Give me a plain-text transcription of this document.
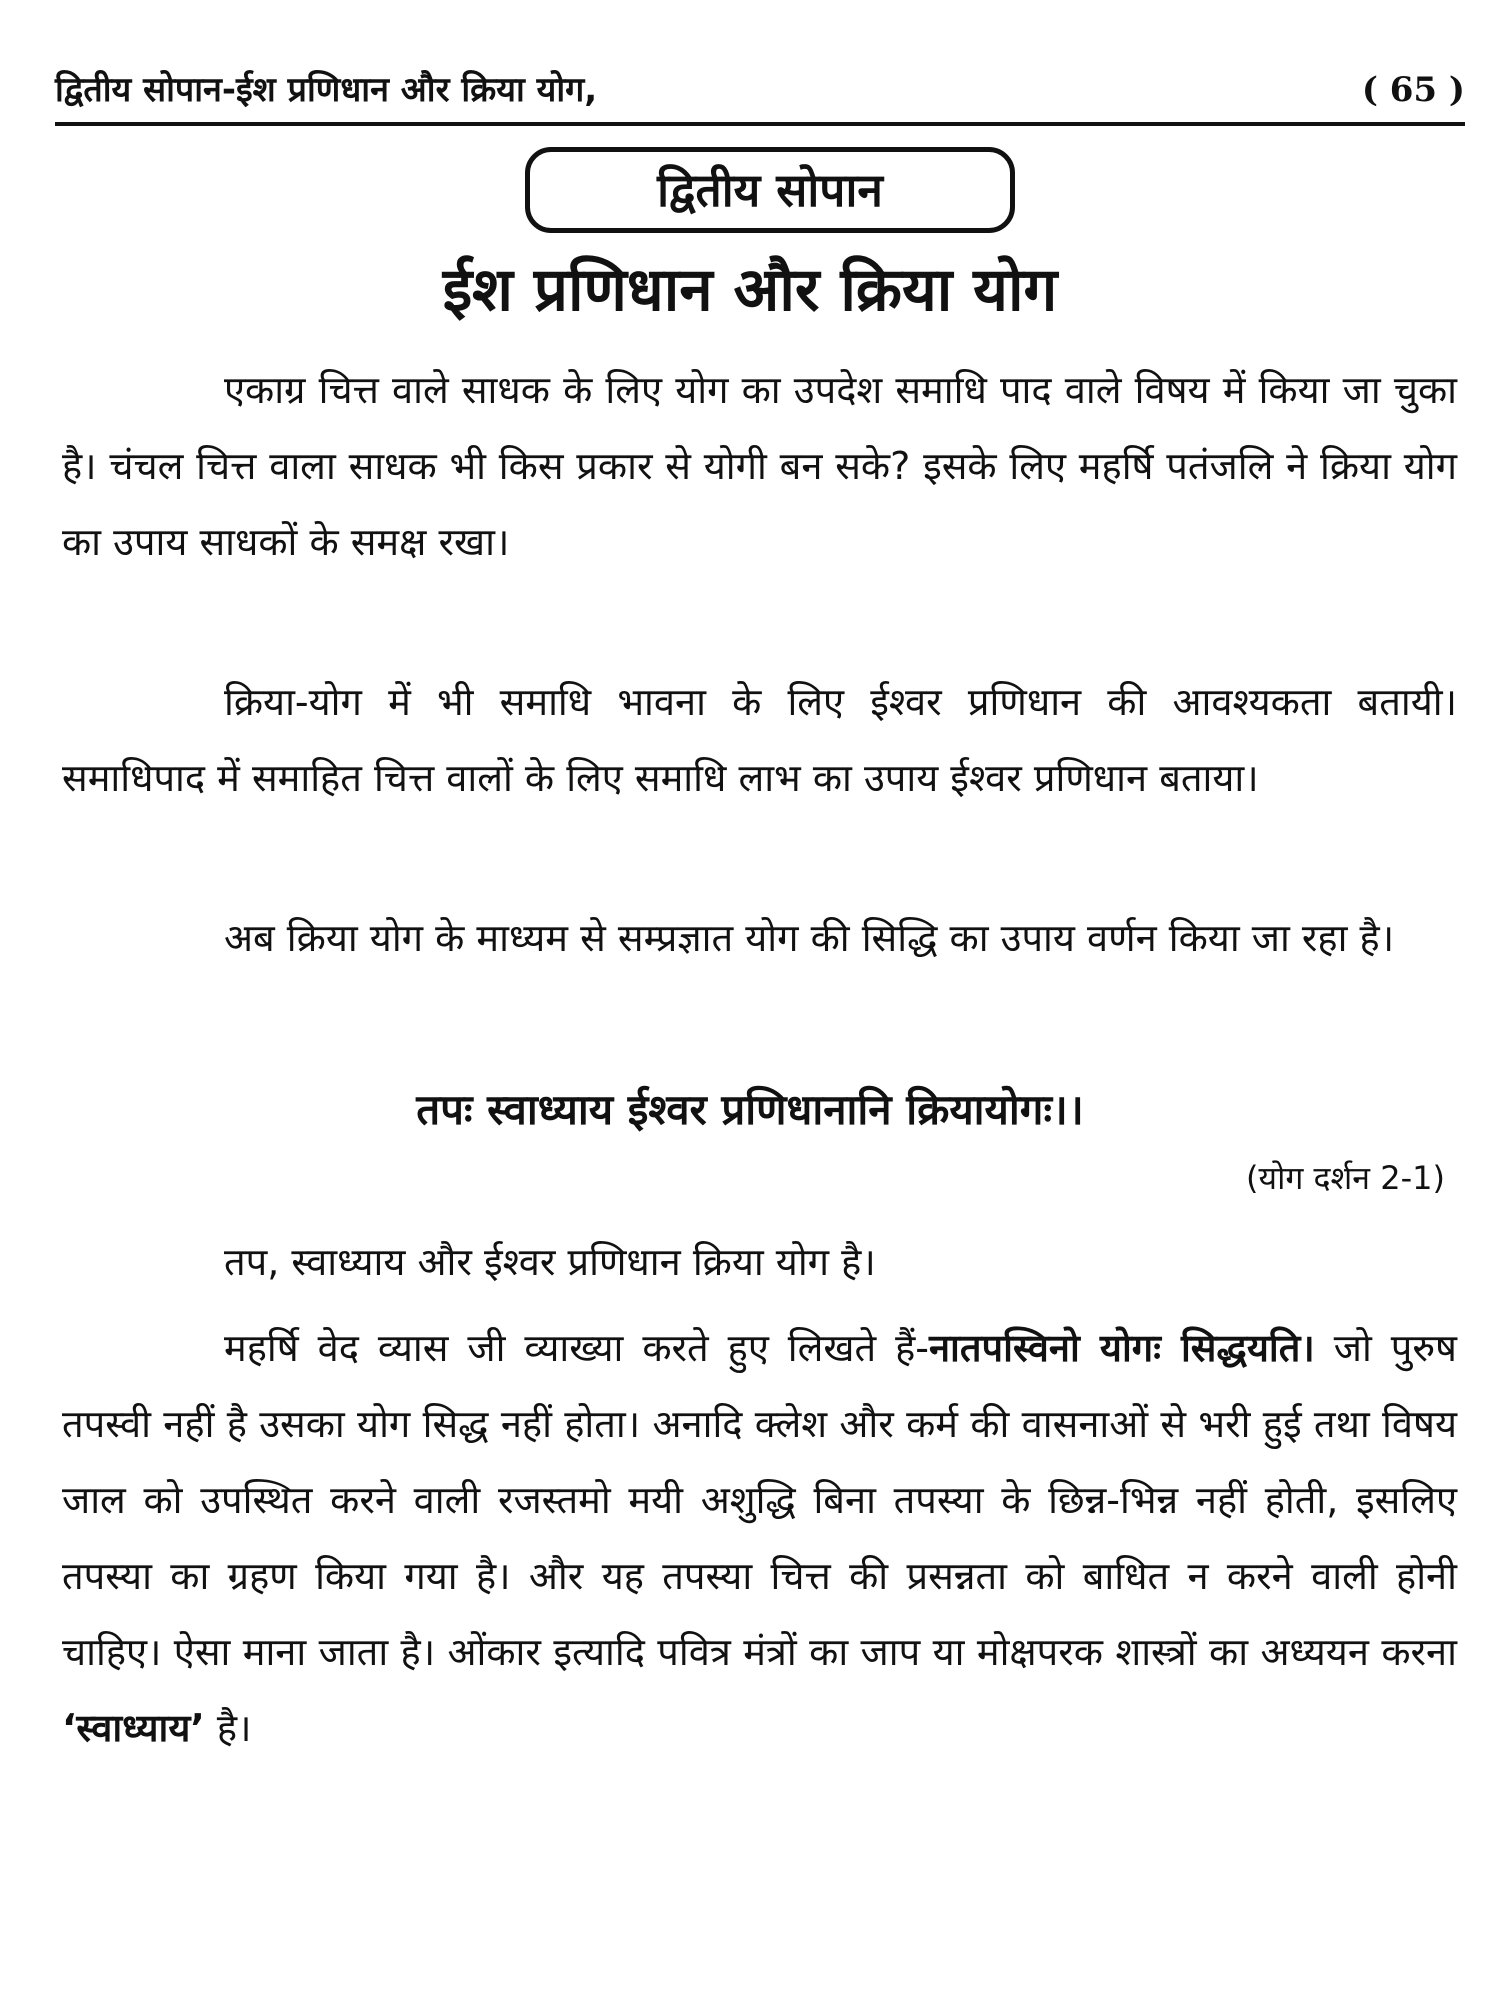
द्वितीय सोपान-ईश प्रणिधान और क्रिया योग,	( 65 )
द्वितीय सोपान
ईश प्रणिधान और क्रिया योग

एकाग्र चित्त वाले साधक के लिए योग का उपदेश समाधि पाद वाले विषय में किया जा चुका है। चंचल चित्त वाला साधक भी किस प्रकार से योगी बन सके? इसके लिए महर्षि पतंजलि ने क्रिया योग का उपाय साधकों के समक्ष रखा।

क्रिया-योग में भी समाधि भावना के लिए ईश्वर प्रणिधान की आवश्यकता बतायी। समाधिपाद में समाहित चित्त वालों के लिए समाधि लाभ का उपाय ईश्वर प्रणिधान बताया।

अब क्रिया योग के माध्यम से सम्प्रज्ञात योग की सिद्धि का उपाय वर्णन किया जा रहा है।

तपः स्वाध्याय ईश्वर प्रणिधानानि क्रियायोगः।।
(योग दर्शन 2-1)

तप, स्वाध्याय और ईश्वर प्रणिधान क्रिया योग है।

महर्षि वेद व्यास जी व्याख्या करते हुए लिखते हैं-नातपस्विनो योगः सिद्धयति। जो पुरुष तपस्वी नहीं है उसका योग सिद्ध नहीं होता। अनादि क्लेश और कर्म की वासनाओं से भरी हुई तथा विषय जाल को उपस्थित करने वाली रजस्तमो मयी अशुद्धि बिना तपस्या के छिन्न-भिन्न नहीं होती, इसलिए तपस्या का ग्रहण किया गया है। और यह तपस्या चित्त की प्रसन्नता को बाधित न करने वाली होनी चाहिए। ऐसा माना जाता है। ओंकार इत्यादि पवित्र मंत्रों का जाप या मोक्षपरक शास्त्रों का अध्ययन करना ‘स्वाध्याय’ है।
